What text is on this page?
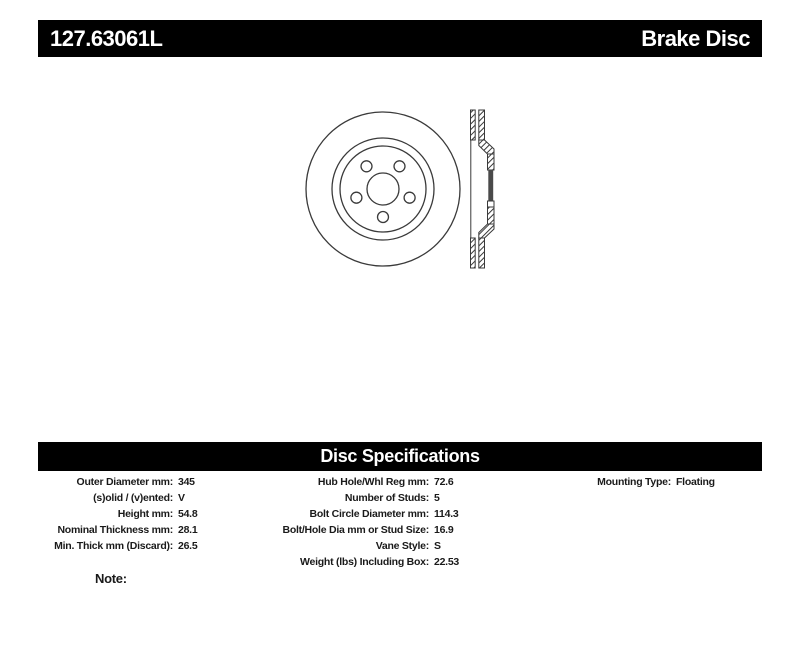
127.63061L	Brake Disc
Disc Specifications
Outer Diameter mm: 345
(s)olid / (v)ented: V
Height mm: 54.8
Nominal Thickness mm: 28.1
Min. Thick mm (Discard): 26.5
Hub Hole/Whl Reg mm: 72.6
Number of Studs: 5
Bolt Circle Diameter mm: 114.3
Bolt/Hole Dia mm or Stud Size: 16.9
Vane Style: S
Weight (lbs) Including Box: 22.53
Mounting Type: Floating
Note:
